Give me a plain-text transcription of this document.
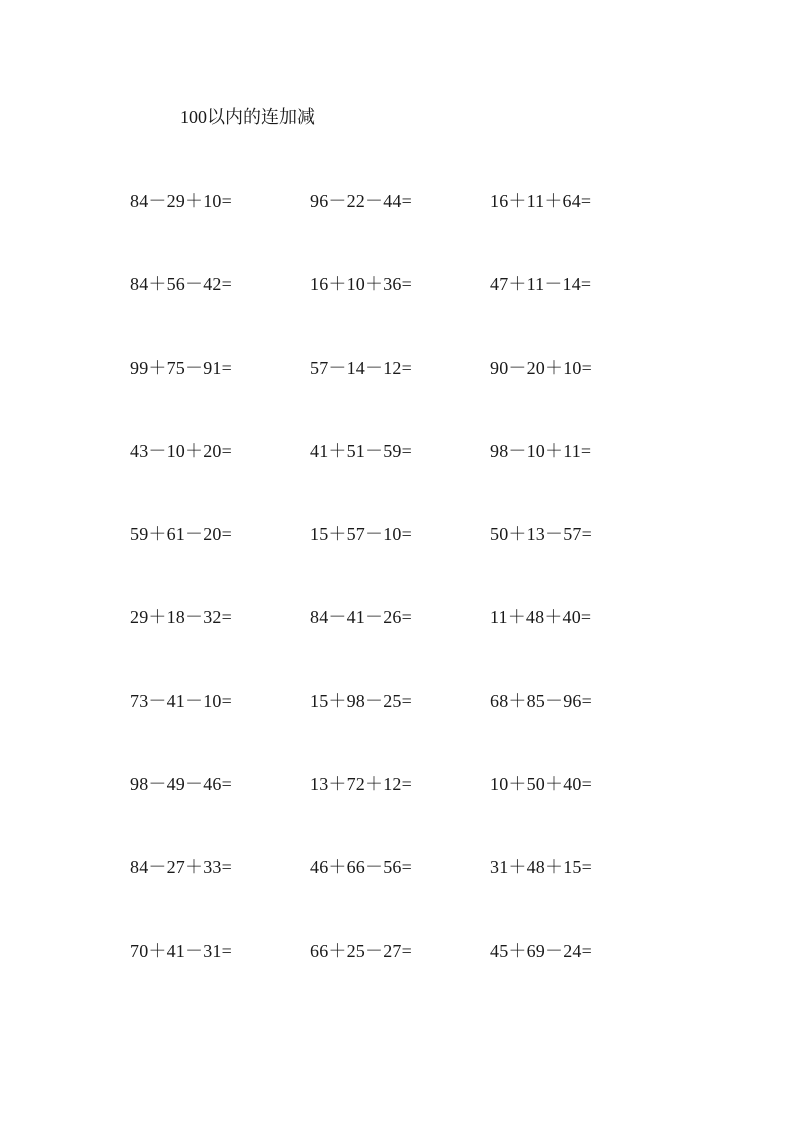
100以内的连加减
84－29＋10=	96－22－44=	16＋11＋64=
84＋56－42=	16＋10＋36=	47＋11－14=
99＋75－91=	57－14－12=	90－20＋10=
43－10＋20=	41＋51－59=	98－10＋11=
59＋61－20=	15＋57－10=	50＋13－57=
29＋18－32=	84－41－26=	11＋48＋40=
73－41－10=	15＋98－25=	68＋85－96=
98－49－46=	13＋72＋12=	10＋50＋40=
84－27＋33=	46＋66－56=	31＋48＋15=
70＋41－31=	66＋25－27=	45＋69－24=
